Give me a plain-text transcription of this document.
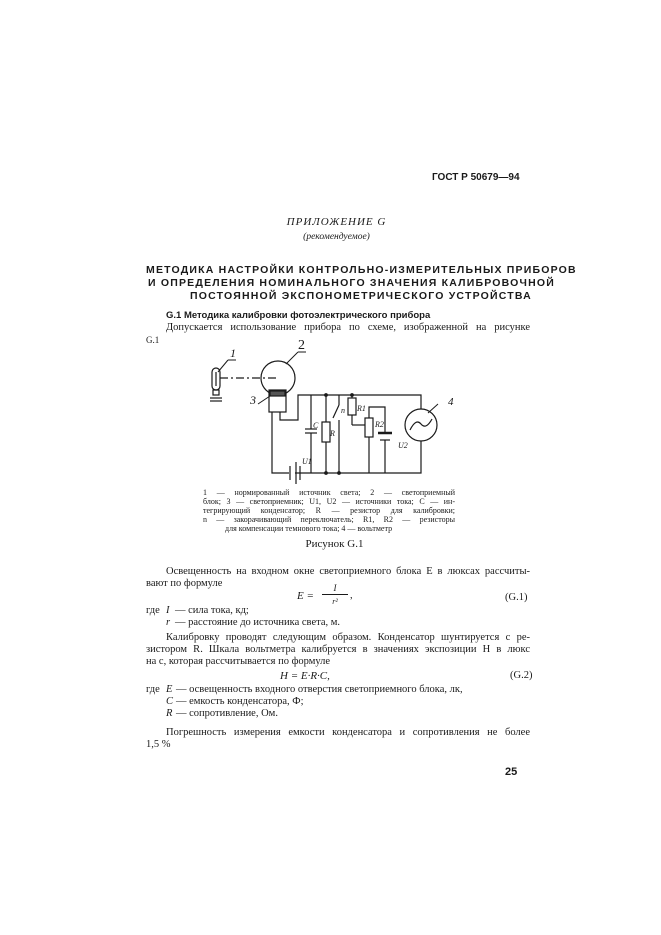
ГОСТ Р 50679—94
ПРИЛОЖЕНИЕ G
(рекомендуемое)
МЕТОДИКА НАСТРОЙКИ КОНТРОЛЬНО-ИЗМЕРИТЕЛЬНЫХ ПРИБОРОВ
И ОПРЕДЕЛЕНИЯ НОМИНАЛЬНОГО ЗНАЧЕНИЯ КАЛИБРОВОЧНОЙ
ПОСТОЯННОЙ ЭКСПОНОМЕТРИЧЕСКОГО УСТРОЙСТВА
G.1 Методика калибровки фотоэлектрического прибора
Допускается использование прибора по схеме, изображенной на рисунке
G.1
1	2
3	4
C
R
n R1
R2
U1
U2
1 — нормированный источник света; 2 — светоприемный
блок; 3 — светоприемник; U1, U2 — источники тока; C — ин-
тегрирующий конденсатор; R — резистор для калибровки;
n — закорачивающий переключатель; R1, R2 — резисторы
для компенсации темнового тока; 4 — вольтметр
Рисунок G.1
Освещенность на входном окне светоприемного блока E в люксах рассчиты-
вают по формуле
E =
I
r²
,	(G.1)
где I — сила тока, кд;
r — расстояние до источника света, м.
Калибровку проводят следующим образом. Конденсатор шунтируется с ре-
зистором R. Шкала вольтметра калибруется в значениях экспозиции H в люкс
на с, которая рассчитывается по формуле
H = E·R·C,	(G.2)
где E — освещенность входного отверстия светоприемного блока, лк,
C — емкость конденсатора, Ф;
R — сопротивление, Ом.
Погрешность измерения емкости конденсатора и сопротивления не более
1,5 %
25
